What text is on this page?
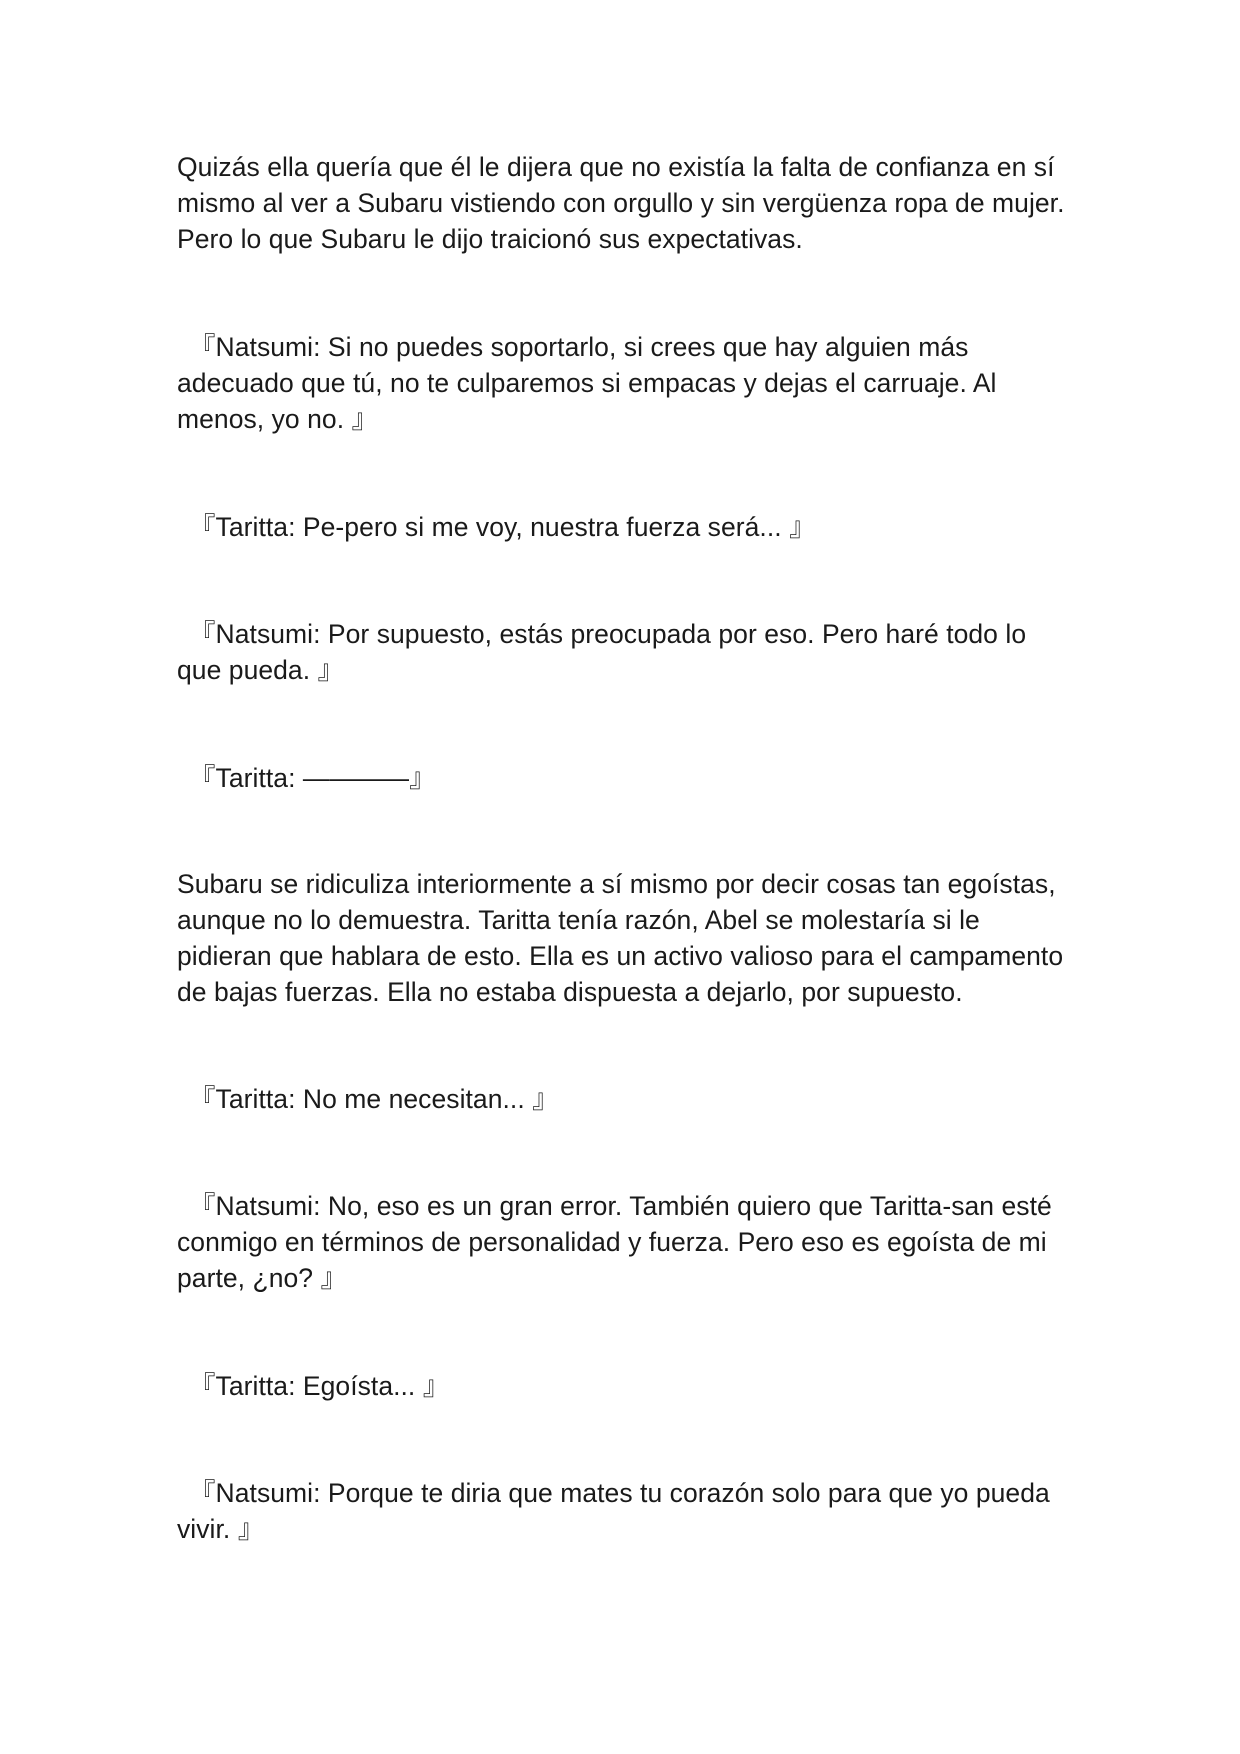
Quizás ella quería que él le dijera que no existía la falta de confianza en sí mismo al ver a Subaru vistiendo con orgullo y sin vergüenza ropa de mujer. Pero lo que Subaru le dijo traicionó sus expectativas.

『Natsumi: Si no puedes soportarlo, si crees que hay alguien más adecuado que tú, no te culparemos si empacas y dejas el carruaje. Al menos, yo no. 』

『Taritta: Pe-pero si me voy, nuestra fuerza será... 』

『Natsumi: Por supuesto, estás preocupada por eso. Pero haré todo lo que pueda. 』

『Taritta: ————』

Subaru se ridiculiza interiormente a sí mismo por decir cosas tan egoístas, aunque no lo demuestra. Taritta tenía razón, Abel se molestaría si le pidieran que hablara de esto. Ella es un activo valioso para el campamento de bajas fuerzas. Ella no estaba dispuesta a dejarlo, por supuesto.

『Taritta: No me necesitan... 』

『Natsumi: No, eso es un gran error. También quiero que Taritta-san esté conmigo en términos de personalidad y fuerza. Pero eso es egoísta de mi parte, ¿no? 』

『Taritta: Egoísta... 』

『Natsumi: Porque te diria que mates tu corazón solo para que yo pueda vivir. 』
